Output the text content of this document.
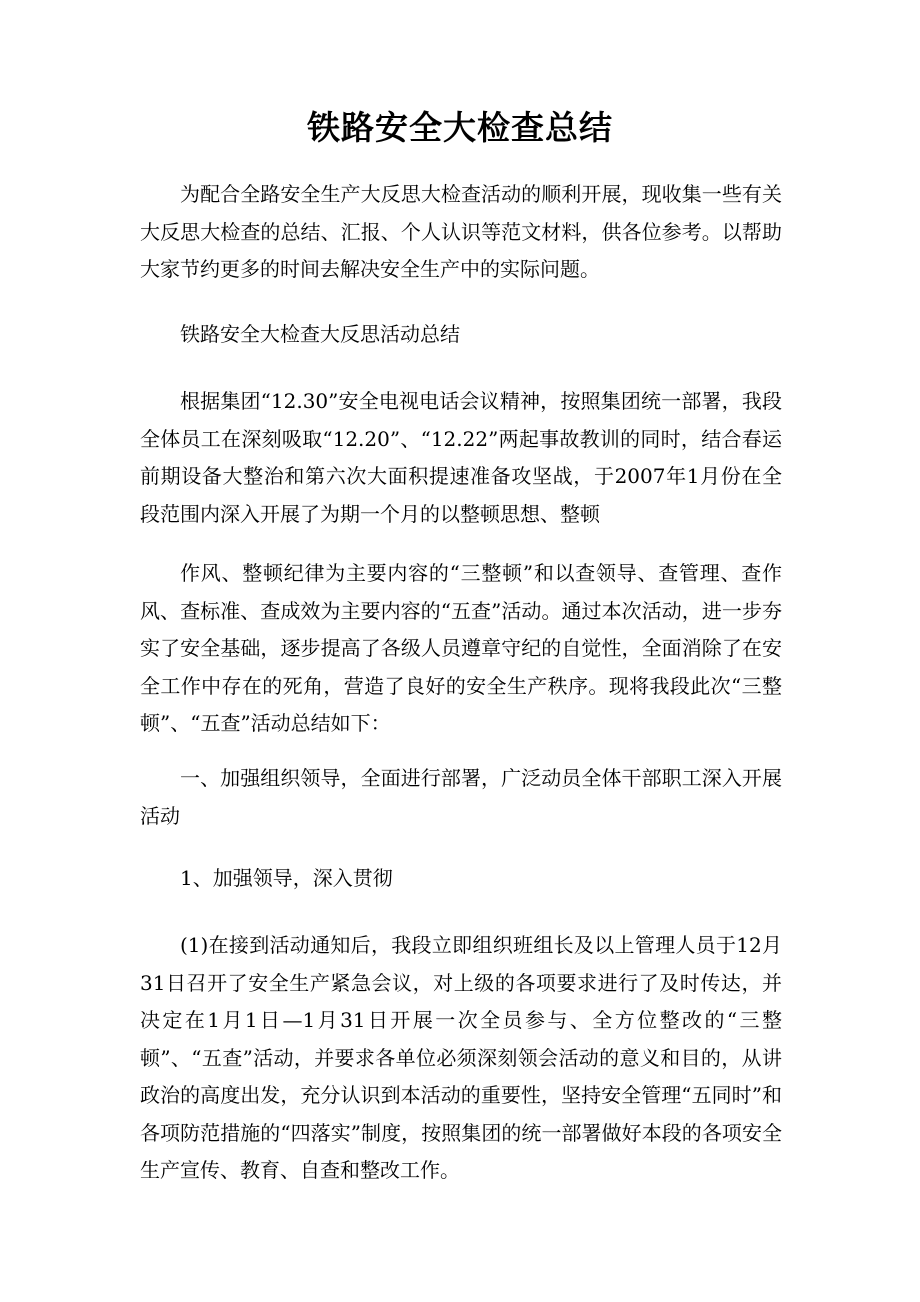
铁路安全大检查总结

为配合全路安全生产大反思大检查活动的顺利开展，现收集一些有关大反思大检查的总结、汇报、个人认识等范文材料，供各位参考。以帮助大家节约更多的时间去解决安全生产中的实际问题。

铁路安全大检查大反思活动总结

根据集团“12.30”安全电视电话会议精神，按照集团统一部署，我段全体员工在深刻吸取“12.20”、“12.22”两起事故教训的同时，结合春运前期设备大整治和第六次大面积提速准备攻坚战，于2007年1月份在全段范围内深入开展了为期一个月的以整顿思想、整顿

作风、整顿纪律为主要内容的“三整顿”和以查领导、查管理、查作风、查标准、查成效为主要内容的“五查”活动。通过本次活动，进一步夯实了安全基础，逐步提高了各级人员遵章守纪的自觉性，全面消除了在安全工作中存在的死角，营造了良好的安全生产秩序。现将我段此次“三整顿”、“五查”活动总结如下：

一、加强组织领导，全面进行部署，广泛动员全体干部职工深入开展活动

1、加强领导，深入贯彻

(1)在接到活动通知后，我段立即组织班组长及以上管理人员于12月31日召开了安全生产紧急会议，对上级的各项要求进行了及时传达，并决定在1月1日—1月31日开展一次全员参与、全方位整改的“三整顿”、“五查”活动，并要求各单位必须深刻领会活动的意义和目的，从讲政治的高度出发，充分认识到本活动的重要性，坚持安全管理“五同时”和各项防范措施的“四落实”制度，按照集团的统一部署做好本段的各项安全生产宣传、教育、自查和整改工作。
